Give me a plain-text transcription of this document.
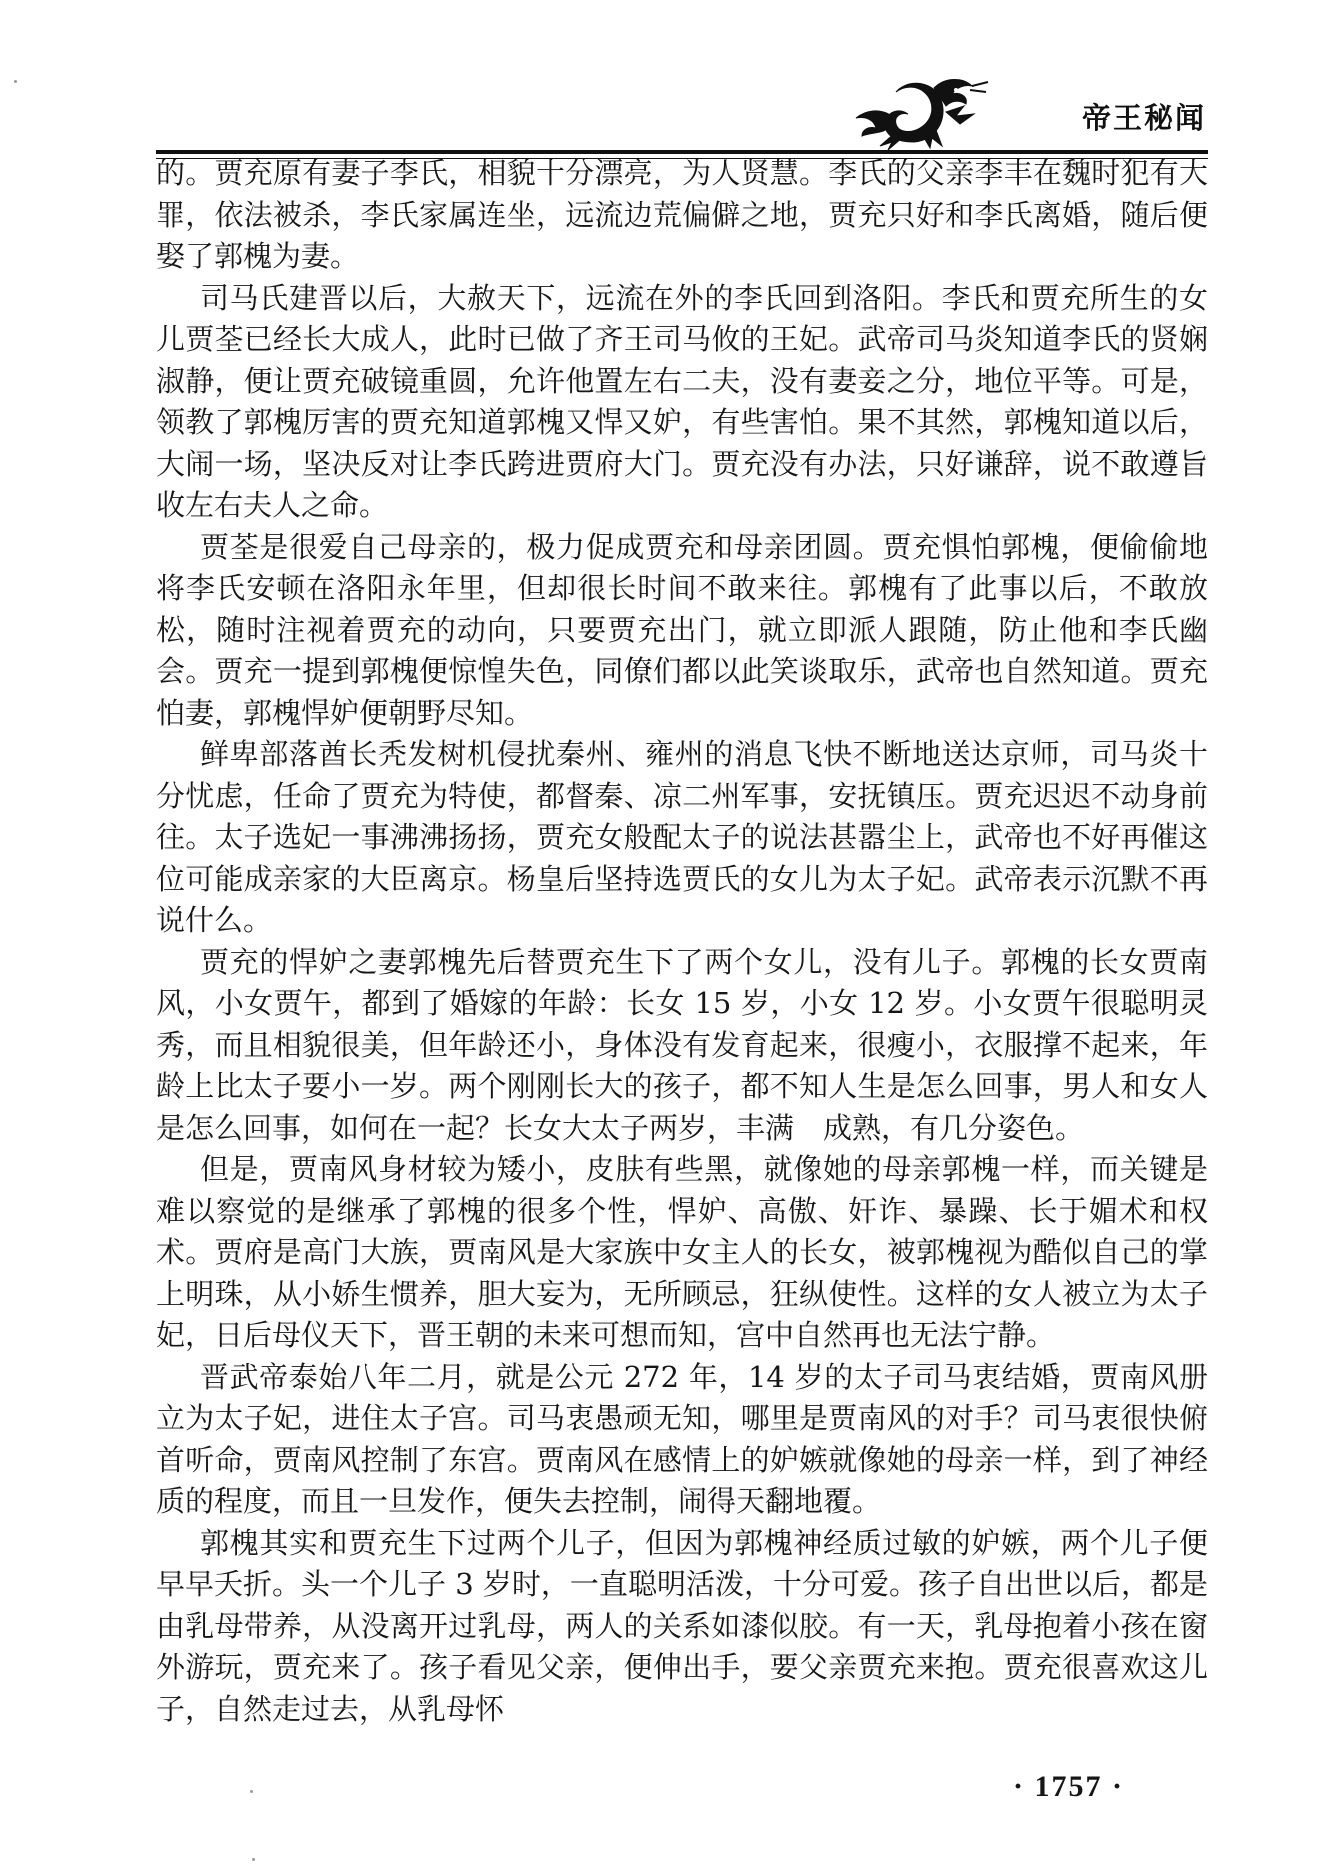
帝王秘闻

的。贾充原有妻子李氏，相貌十分漂亮，为人贤慧。李氏的父亲李丰在魏时犯有大罪，依法被杀，李氏家属连坐，远流边荒偏僻之地，贾充只好和李氏离婚，随后便娶了郭槐为妻。

司马氏建晋以后，大赦天下，远流在外的李氏回到洛阳。李氏和贾充所生的女儿贾荃已经长大成人，此时已做了齐王司马攸的王妃。武帝司马炎知道李氏的贤娴淑静，便让贾充破镜重圆，允许他置左右二夫，没有妻妾之分，地位平等。可是，领教了郭槐厉害的贾充知道郭槐又悍又妒，有些害怕。果不其然，郭槐知道以后，大闹一场，坚决反对让李氏跨进贾府大门。贾充没有办法，只好谦辞，说不敢遵旨收左右夫人之命。

贾荃是很爱自己母亲的，极力促成贾充和母亲团圆。贾充惧怕郭槐，便偷偷地将李氏安顿在洛阳永年里，但却很长时间不敢来往。郭槐有了此事以后，不敢放松，随时注视着贾充的动向，只要贾充出门，就立即派人跟随，防止他和李氏幽会。贾充一提到郭槐便惊惶失色，同僚们都以此笑谈取乐，武帝也自然知道。贾充怕妻，郭槐悍妒便朝野尽知。

鲜卑部落酋长秃发树机侵扰秦州、雍州的消息飞快不断地送达京师，司马炎十分忧虑，任命了贾充为特使，都督秦、凉二州军事，安抚镇压。贾充迟迟不动身前往。太子选妃一事沸沸扬扬，贾充女般配太子的说法甚嚣尘上，武帝也不好再催这位可能成亲家的大臣离京。杨皇后坚持选贾氏的女儿为太子妃。武帝表示沉默不再说什么。

贾充的悍妒之妻郭槐先后替贾充生下了两个女儿，没有儿子。郭槐的长女贾南风，小女贾午，都到了婚嫁的年龄：长女 15 岁，小女 12 岁。小女贾午很聪明灵秀，而且相貌很美，但年龄还小，身体没有发育起来，很瘦小，衣服撑不起来，年龄上比太子要小一岁。两个刚刚长大的孩子，都不知人生是怎么回事，男人和女人是怎么回事，如何在一起？长女大太子两岁，丰满　成熟，有几分姿色。

但是，贾南风身材较为矮小，皮肤有些黑，就像她的母亲郭槐一样，而关键是难以察觉的是继承了郭槐的很多个性，悍妒、高傲、奸诈、暴躁、长于媚术和权术。贾府是高门大族，贾南风是大家族中女主人的长女，被郭槐视为酷似自己的掌上明珠，从小娇生惯养，胆大妄为，无所顾忌，狂纵使性。这样的女人被立为太子妃，日后母仪天下，晋王朝的未来可想而知，宫中自然再也无法宁静。

晋武帝泰始八年二月，就是公元 272 年，14 岁的太子司马衷结婚，贾南风册立为太子妃，进住太子宫。司马衷愚顽无知，哪里是贾南风的对手？司马衷很快俯首听命，贾南风控制了东宫。贾南风在感情上的妒嫉就像她的母亲一样，到了神经质的程度，而且一旦发作，便失去控制，闹得天翻地覆。

郭槐其实和贾充生下过两个儿子，但因为郭槐神经质过敏的妒嫉，两个儿子便早早夭折。头一个儿子 3 岁时，一直聪明活泼，十分可爱。孩子自出世以后，都是由乳母带养，从没离开过乳母，两人的关系如漆似胶。有一天，乳母抱着小孩在窗外游玩，贾充来了。孩子看见父亲，便伸出手，要父亲贾充来抱。贾充很喜欢这儿子，自然走过去，从乳母怀

· 1757 ·
